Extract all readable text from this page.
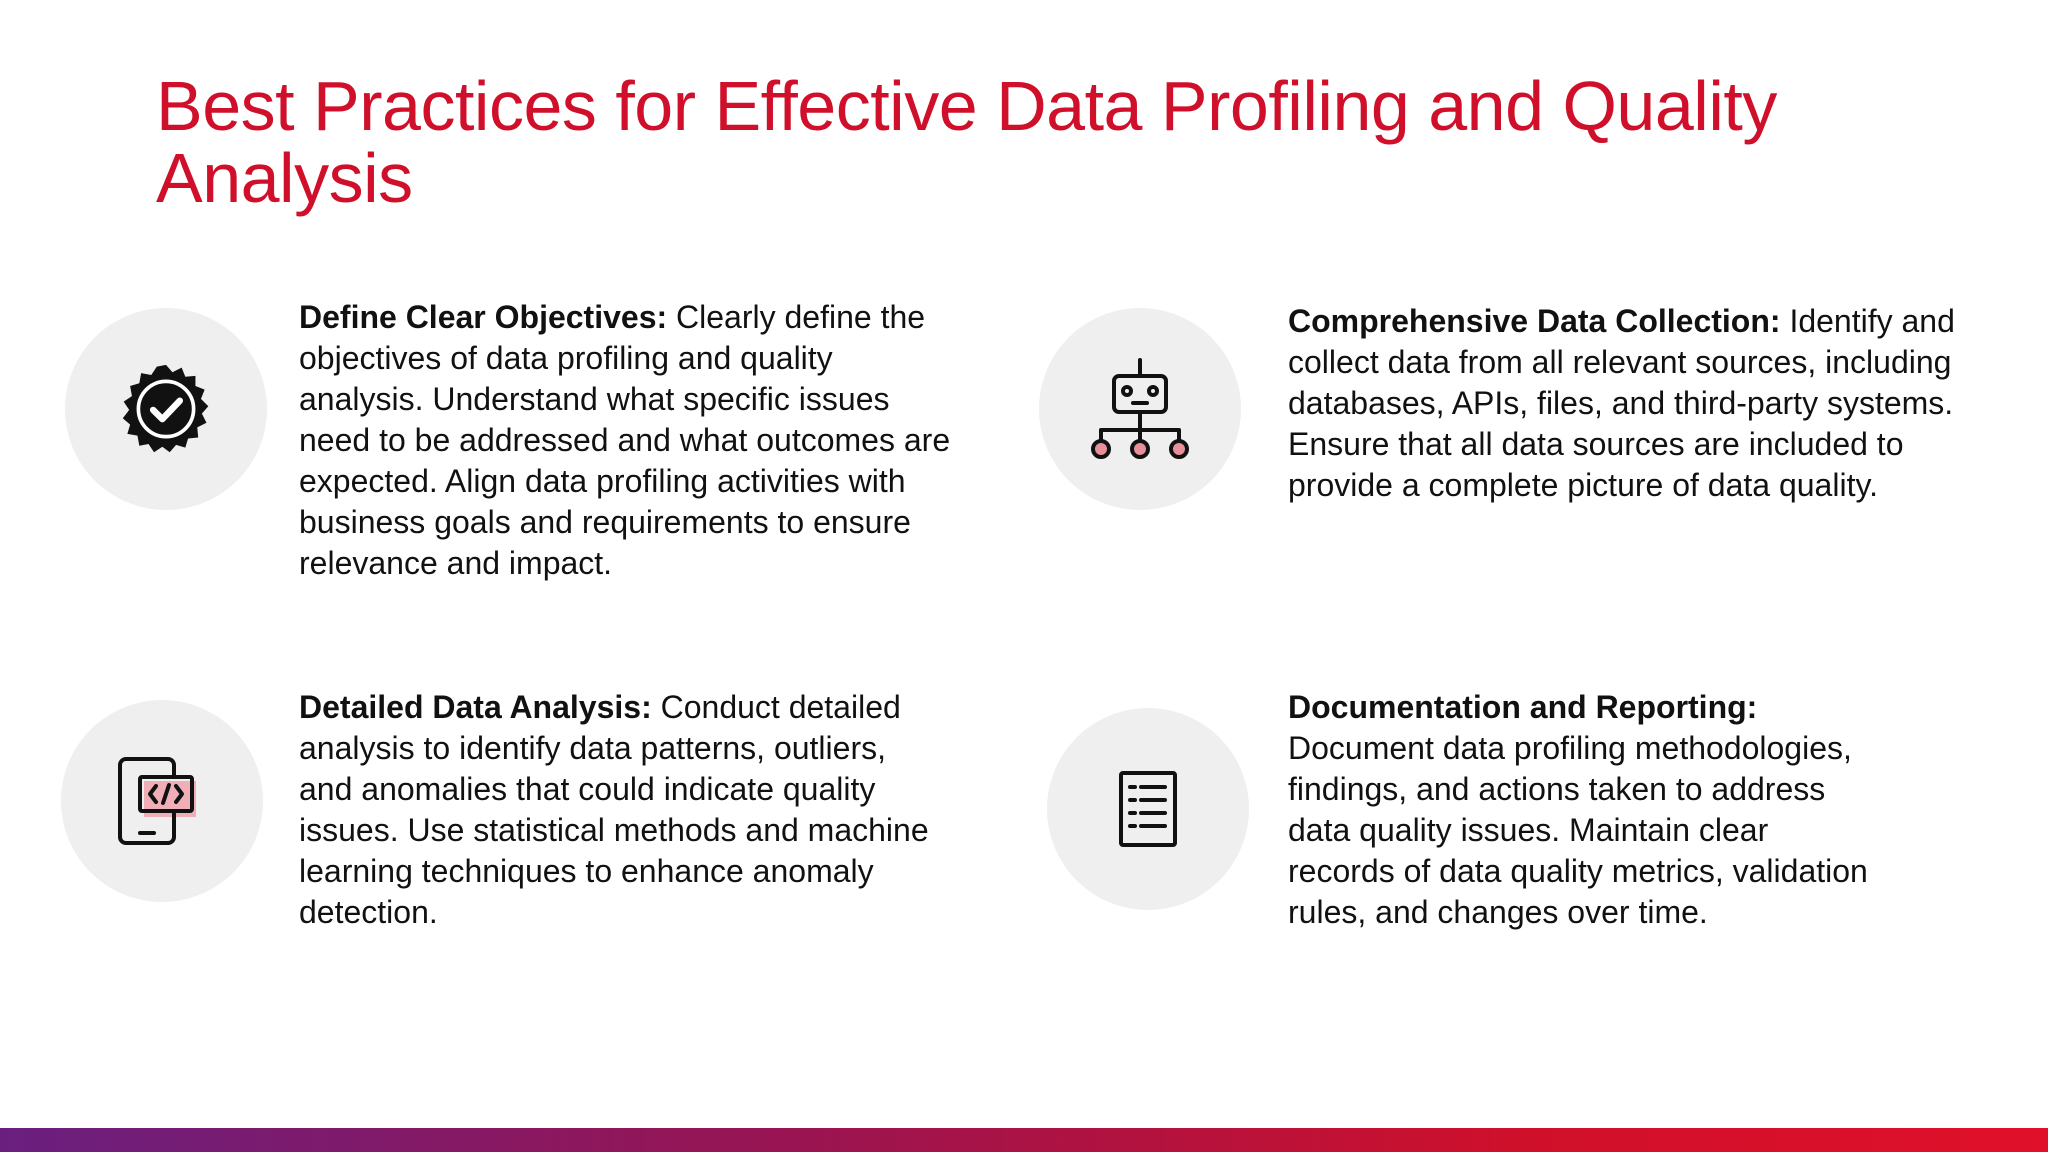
Best Practices for Effective Data Profiling and Quality Analysis

Define Clear Objectives: Clearly define the objectives of data profiling and quality analysis. Understand what specific issues need to be addressed and what outcomes are expected. Align data profiling activities with business goals and requirements to ensure relevance and impact.

Comprehensive Data Collection: Identify and collect data from all relevant sources, including databases, APIs, files, and third-party systems. Ensure that all data sources are included to provide a complete picture of data quality.

Detailed Data Analysis: Conduct detailed analysis to identify data patterns, outliers, and anomalies that could indicate quality issues. Use statistical methods and machine learning techniques to enhance anomaly detection.

Documentation and Reporting: Document data profiling methodologies, findings, and actions taken to address data quality issues. Maintain clear records of data quality metrics, validation rules, and changes over time.
